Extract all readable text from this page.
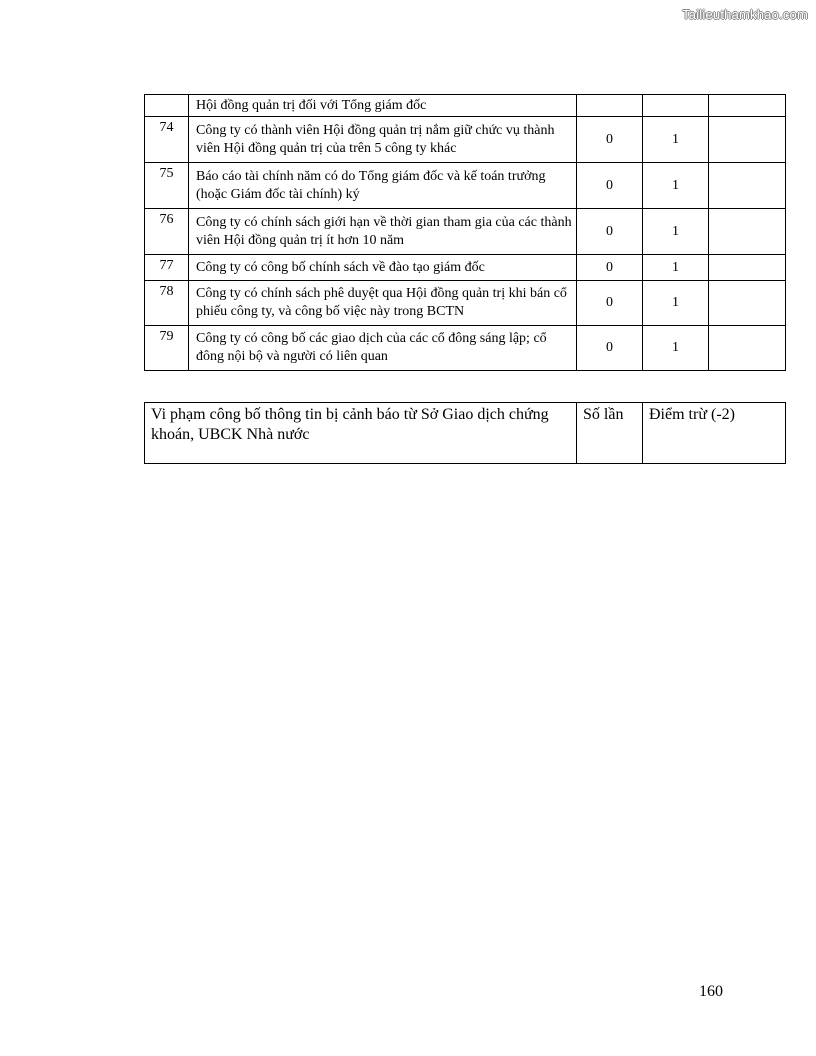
Tailieuthamkhao.com
	Hội đồng quản trị đối với Tổng giám đốc			
74	Công ty có thành viên Hội đồng quản trị nắm giữ chức vụ thành viên Hội đồng quản trị của trên 5 công ty khác	0	1	
75	Báo cáo tài chính năm có do Tổng giám đốc và kế toán trưởng (hoặc Giám đốc tài chính) ký	0	1	
76	Công ty có chính sách giới hạn về thời gian tham gia của các thành viên Hội đồng quản trị ít hơn 10 năm	0	1	
77	Công ty có công bố chính sách về đào tạo giám đốc	0	1	
78	Công ty có chính sách phê duyệt qua Hội đồng quản trị khi bán cổ phiếu công ty, và công bố việc này trong BCTN	0	1	
79	Công ty có công bố các giao dịch của các cổ đông sáng lập; cổ đông nội bộ và người có liên quan	0	1	
Vi phạm công bố thông tin bị cảnh báo từ Sở Giao dịch chứng khoán, UBCK Nhà nước	Số lần	Điểm trừ (-2)
160
